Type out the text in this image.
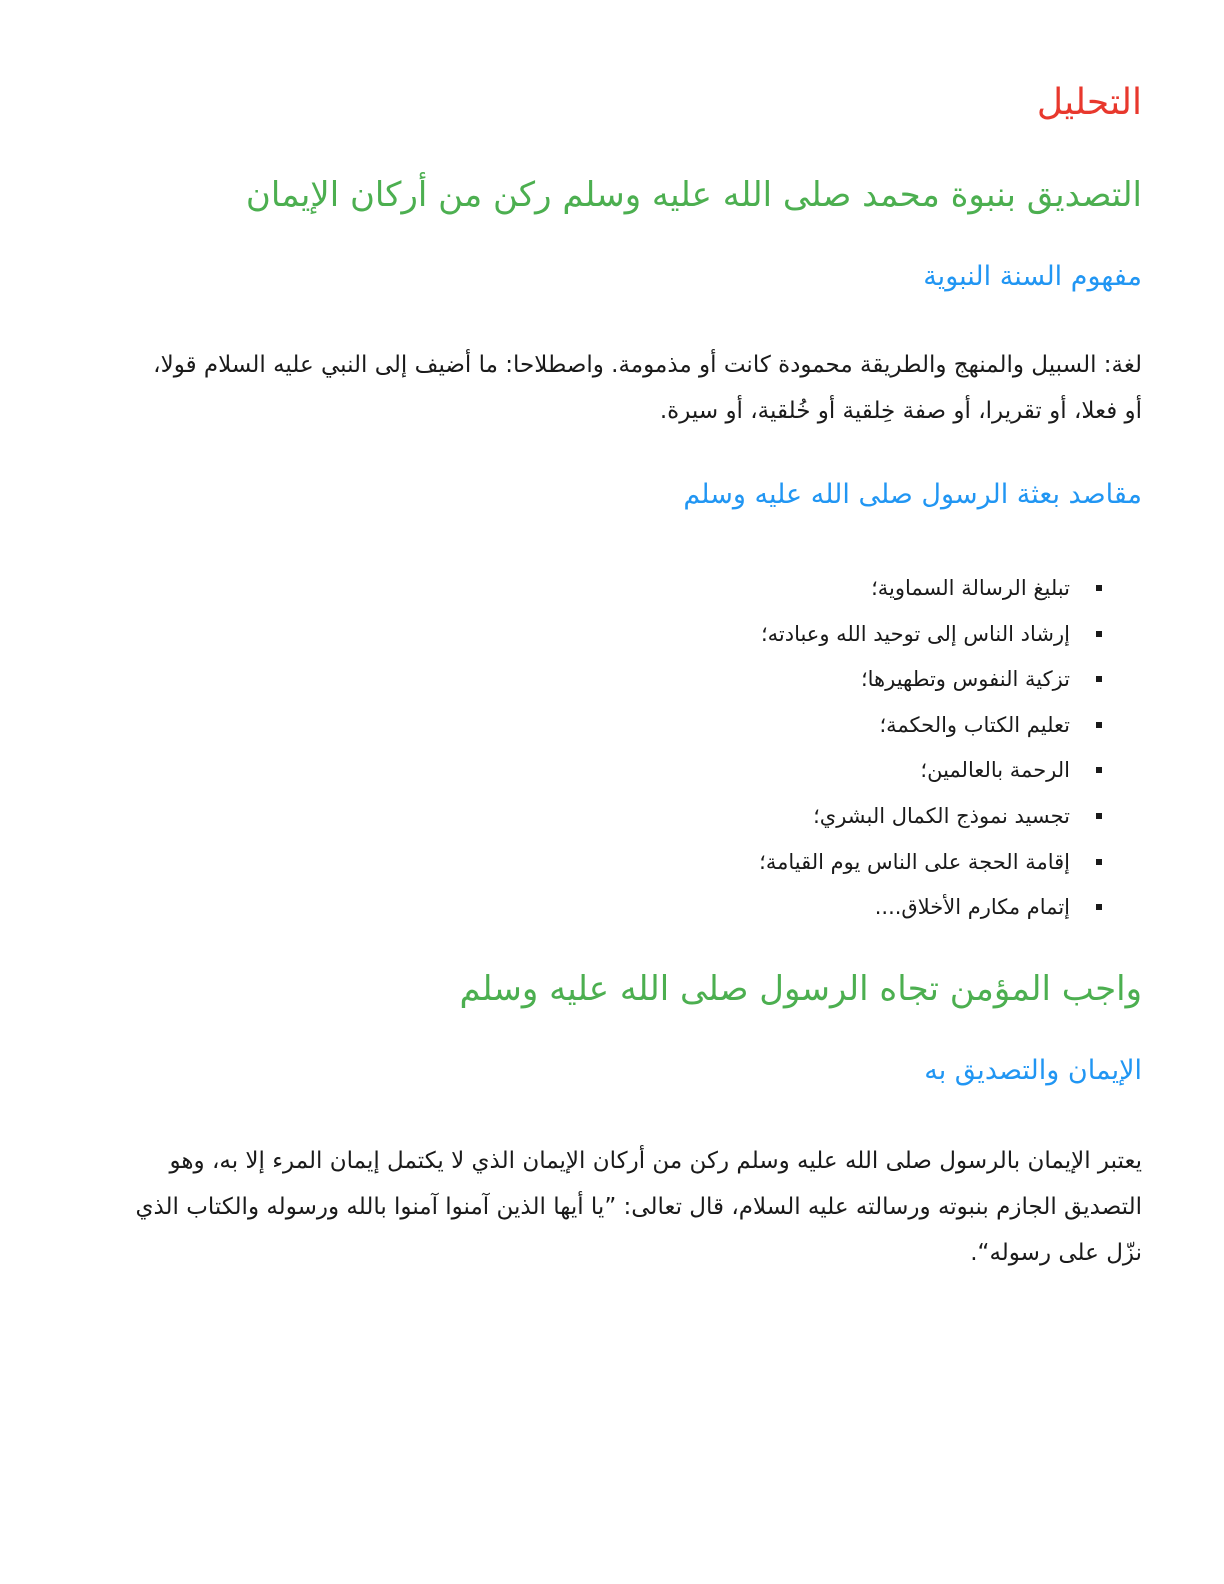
التحليل
التصديق بنبوة محمد صلى الله عليه وسلم ركن من أركان الإيمان
مفهوم السنة النبوية

لغة: السبيل والمنهج والطريقة محمودة كانت أو مذمومة. واصطلاحا: ما أضيف إلى النبي عليه السلام قولا،
أو فعلا، أو تقريرا، أو صفة خِلقية أو خُلقية، أو سيرة.

مقاصد بعثة الرسول صلى الله عليه وسلم
تبليغ الرسالة السماوية؛
إرشاد الناس إلى توحيد الله وعبادته؛
تزكية النفوس وتطهيرها؛
تعليم الكتاب والحكمة؛
الرحمة بالعالمين؛
تجسيد نموذج الكمال البشري؛
إقامة الحجة على الناس يوم القيامة؛
إتمام مكارم الأخلاق....
واجب المؤمن تجاه الرسول صلى الله عليه وسلم
الإيمان والتصديق به

يعتبر الإيمان بالرسول صلى الله عليه وسلم ركن من أركان الإيمان الذي لا يكتمل إيمان المرء إلا به، وهو
التصديق الجازم بنبوته ورسالته عليه السلام، قال تعالى: ”يا أيها الذين آمنوا آمنوا بالله ورسوله والكتاب الذي
نزّل على رسوله“.
